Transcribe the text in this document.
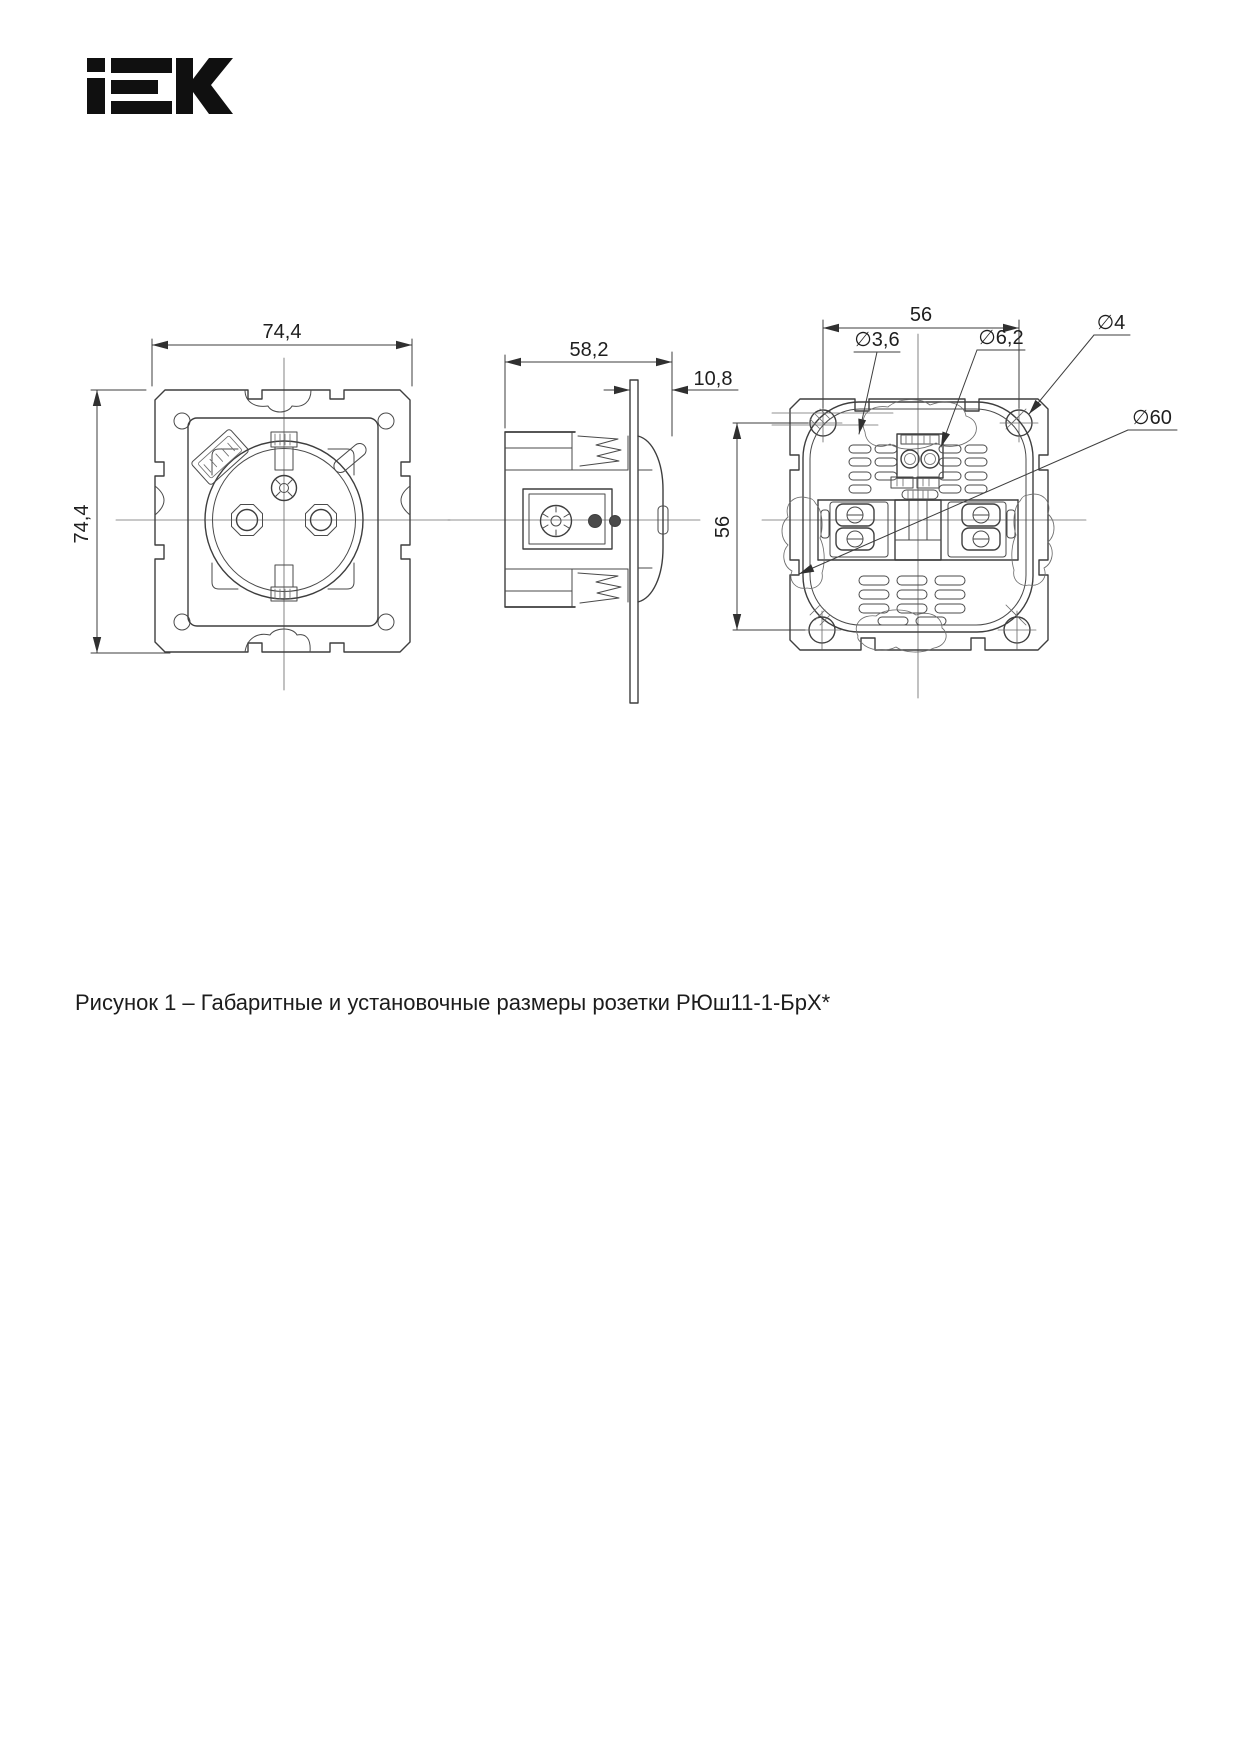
74,4
74,4
58,2
10,8
56
56
∅3,6	∅6,2
∅4
∅60
Рисунок 1 – Габаритные и установочные размеры розетки РЮш11-1-БрХ*
